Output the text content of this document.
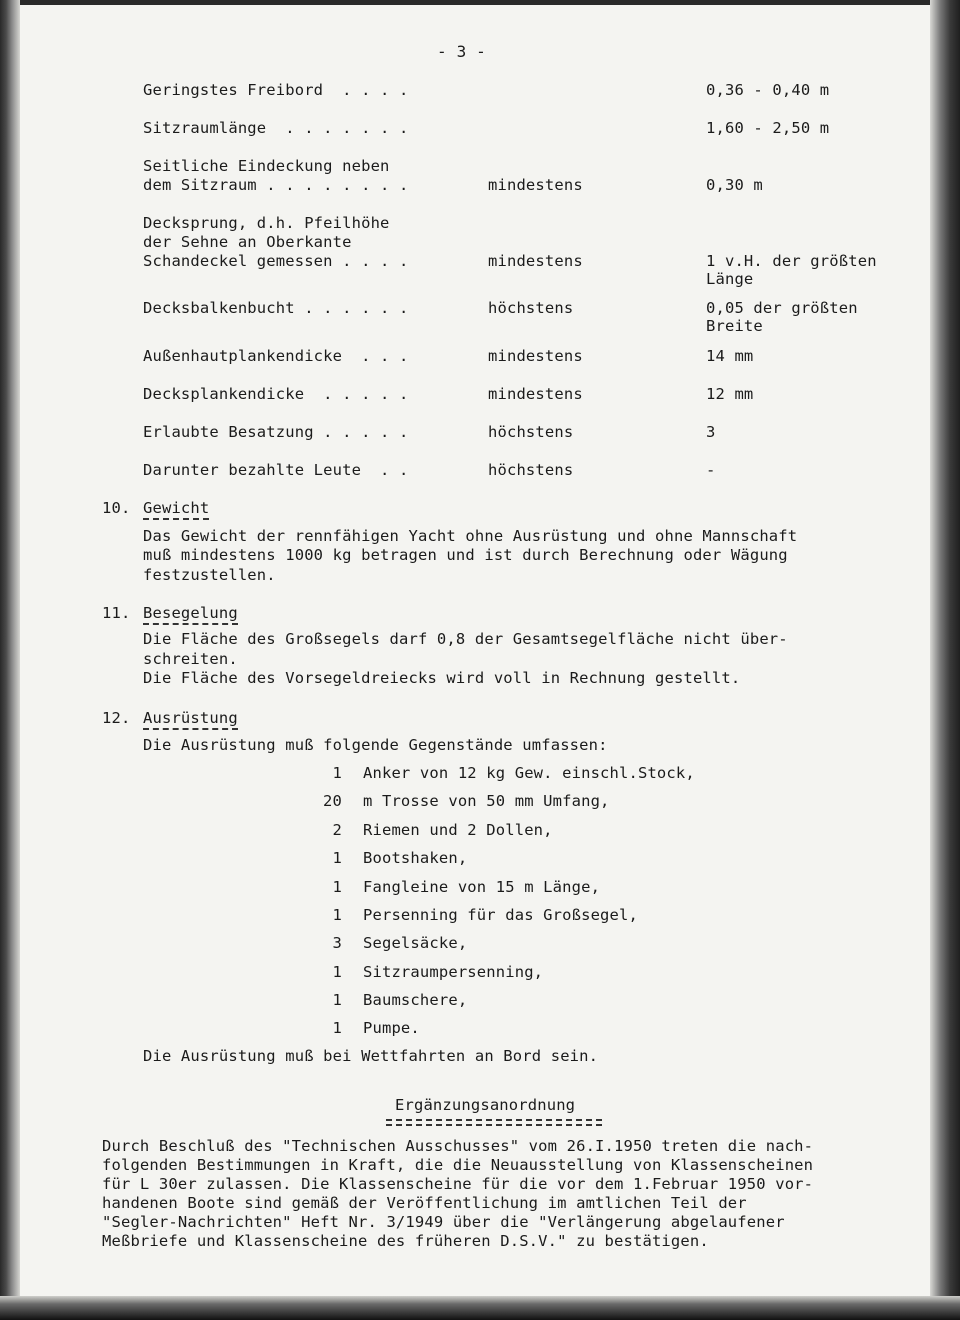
- 3 -
Geringstes Freibord  . . . .	0,36 - 0,40 m
Sitzraumlänge  . . . . . . .	1,60 - 2,50 m
Seitliche Eindeckung neben
dem Sitzraum . . . . . . . .	mindestens	0,30 m
Decksprung, d.h. Pfeilhöhe
der Sehne an Oberkante
Schandeckel gemessen . . . .	mindestens	1 v.H. der größten
Länge
Decksbalkenbucht . . . . . .	höchstens	0,05 der größten
Breite
Außenhautplankendicke  . . .	mindestens	14 mm
Decksplankendicke  . . . . .	mindestens	12 mm
Erlaubte Besatzung . . . . .	höchstens	3
Darunter bezahlte Leute  . .	höchstens	-
10. Gewicht
Das Gewicht der rennfähigen Yacht ohne Ausrüstung und ohne Mannschaft
muß mindestens 1000 kg betragen und ist durch Berechnung oder Wägung
festzustellen.
11. Besegelung
Die Fläche des Großsegels darf 0,8 der Gesamtsegelfläche nicht über-
schreiten.
Die Fläche des Vorsegeldreiecks wird voll in Rechnung gestellt.
12. Ausrüstung
Die Ausrüstung muß folgende Gegenstände umfassen:
1 Anker von 12 kg Gew. einschl.Stock,
20 m Trosse von 50 mm Umfang,
2 Riemen und 2 Dollen,
1 Bootshaken,
1 Fangleine von 15 m Länge,
1 Persenning für das Großsegel,
3 Segelsäcke,
1 Sitzraumpersenning,
1 Baumschere,
1 Pumpe.
Die Ausrüstung muß bei Wettfahrten an Bord sein.
Ergänzungsanordnung
Durch Beschluß des "Technischen Ausschusses" vom 26.I.1950 treten die nach-
folgenden Bestimmungen in Kraft, die die Neuausstellung von Klassenscheinen
für L 30er zulassen. Die Klassenscheine für die vor dem 1.Februar 1950 vor-
handenen Boote sind gemäß der Veröffentlichung im amtlichen Teil der
"Segler-Nachrichten" Heft Nr. 3/1949 über die "Verlängerung abgelaufener
Meßbriefe und Klassenscheine des früheren D.S.V." zu bestätigen.
